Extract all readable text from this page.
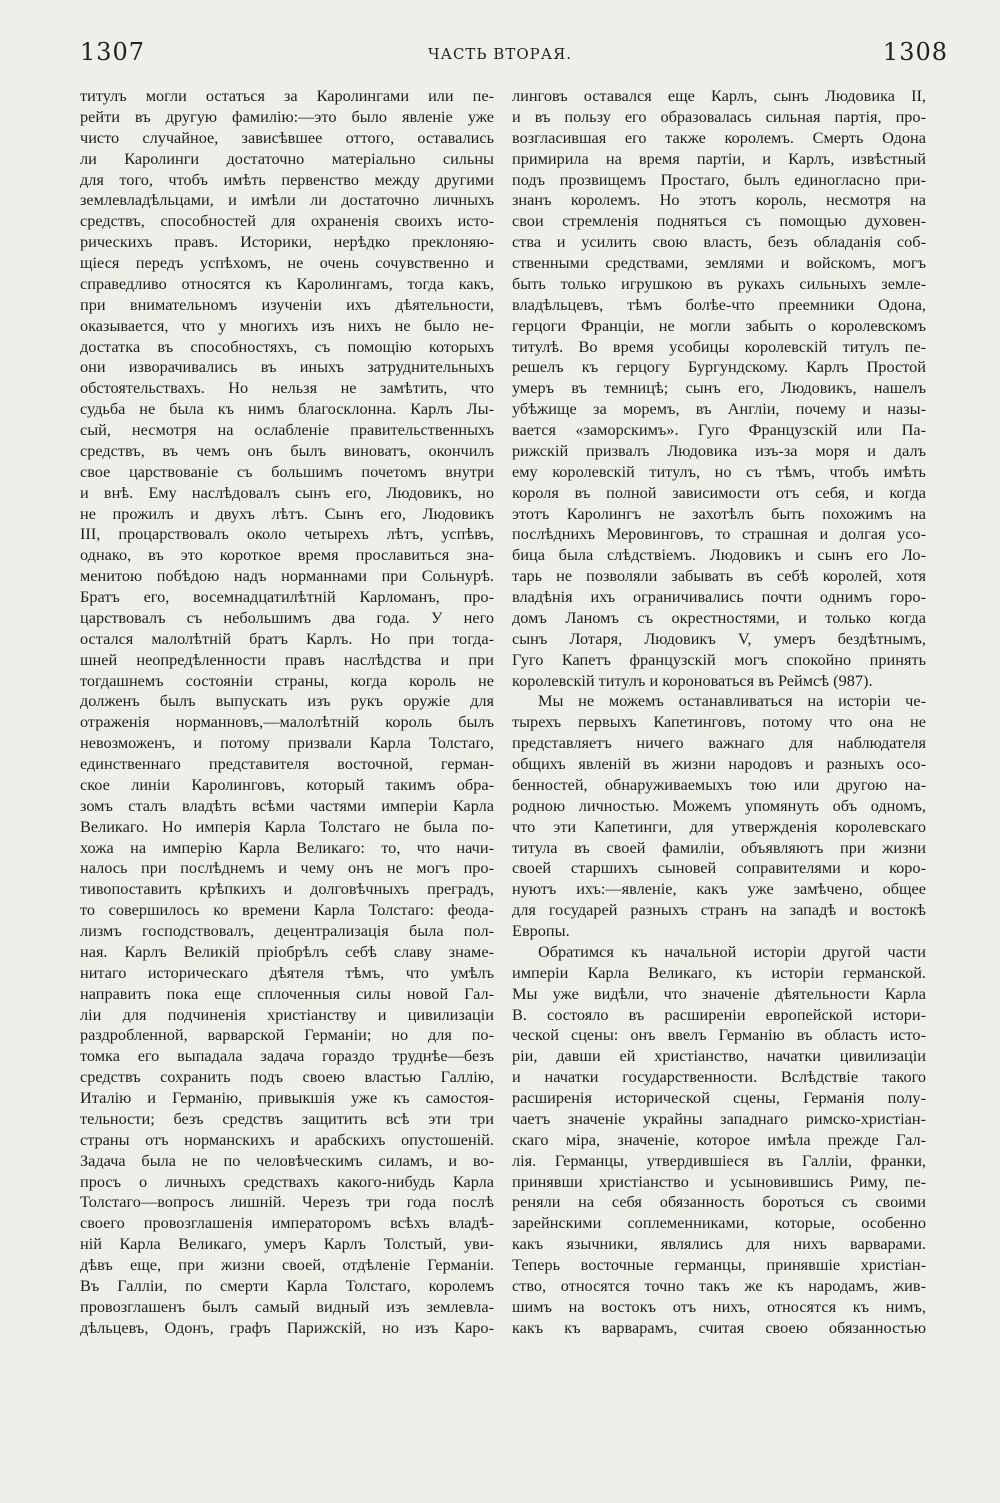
1307	ЧАСТЬ ВТОРАЯ.	1308
титулъ могли остаться за Каролингами или пе-
рейти въ другую фамилію:—это было явленіе уже
чисто случайное, зависѣвшее оттого, оставались
ли Каролинги достаточно матеріально сильны
для того, чтобъ имѣть первенство между другими
землевладѣльцами, и имѣли ли достаточно личныхъ
средствъ, способностей для охраненія своихъ исто-
рическихъ правъ. Историки, нерѣдко преклоняю-
щіеся передъ успѣхомъ, не очень сочувственно и
справедливо относятся къ Каролингамъ, тогда какъ,
при внимательномъ изученіи ихъ дѣятельности,
оказывается, что у многихъ изъ нихъ не было не-
достатка въ способностяхъ, съ помощію которыхъ
они изворачивались въ иныхъ затруднительныхъ
обстоятельствахъ. Но нельзя не замѣтить, что
судьба не была къ нимъ благосклонна. Карлъ Лы-
сый, несмотря на ослабленіе правительственныхъ
средствъ, въ чемъ онъ былъ виноватъ, окончилъ
свое царствованіе съ большимъ почетомъ внутри
и внѣ. Ему наслѣдовалъ сынъ его, Людовикъ, но
не прожилъ и двухъ лѣтъ. Сынъ его, Людовикъ
III, процарствовалъ около четырехъ лѣтъ, успѣвъ,
однако, въ это короткое время прославиться зна-
менитою побѣдою надъ норманнами при Сольнурѣ.
Братъ его, восемнадцатилѣтній Карломанъ, про-
царствовалъ съ небольшимъ два года. У него
остался малолѣтній братъ Карлъ. Но при тогда-
шней неопредѣленности правъ наслѣдства и при
тогдашнемъ состояніи страны, когда король не
долженъ былъ выпускать изъ рукъ оружіе для
отраженія норманновъ,—малолѣтній король былъ
невозможенъ, и потому призвали Карла Толстаго,
единственнаго представителя восточной, герман-
ское линіи Каролинговъ, который такимъ обра-
зомъ сталъ владѣть всѣми частями имперіи Карла
Великаго. Но имперія Карла Толстаго не была по-
хожа на имперію Карла Великаго: то, что начи-
налось при послѣднемъ и чему онъ не могъ про-
тивопоставить крѣпкихъ и долговѣчныхъ преградъ,
то совершилось ко времени Карла Толстаго: феода-
лизмъ господствовалъ, децентрализація была пол-
ная. Карлъ Великій пріобрѣлъ себѣ славу знаме-
нитаго историческаго дѣятеля тѣмъ, что умѣлъ
направить пока еще сплоченныя силы новой Гал-
ліи для подчиненія христіанству и цивилизаціи
раздробленной, варварской Германіи; но для по-
томка его выпадала задача гораздо труднѣе—безъ
средствъ сохранить подъ своею властью Галлію,
Италію и Германію, привыкшія уже къ самостоя-
тельности; безъ средствъ защитить всѣ эти три
страны отъ норманскихъ и арабскихъ опустошеній.
Задача была не по человѣческимъ силамъ, и во-
просъ о личныхъ средствахъ какого-нибудь Карла
Толстаго—вопросъ лишній. Черезъ три года послѣ
своего провозглашенія императоромъ всѣхъ владѣ-
ній Карла Великаго, умеръ Карлъ Толстый, уви-
дѣвъ еще, при жизни своей, отдѣленіе Германіи.
Въ Галліи, по смерти Карла Толстаго, королемъ
провозглашенъ былъ самый видный изъ землевла-
дѣльцевъ, Одонъ, графъ Парижскій, но изъ Каро-
линговъ оставался еще Карлъ, сынъ Людовика II,
и въ пользу его образовалась сильная партія, про-
возгласившая его также королемъ. Смерть Одона
примирила на время партіи, и Карлъ, извѣстный
подъ прозвищемъ Простаго, былъ единогласно при-
знанъ королемъ. Но этотъ король, несмотря на
свои стремленія подняться съ помощью духовен-
ства и усилить свою власть, безъ обладанія соб-
ственными средствами, землями и войскомъ, могъ
быть только игрушкою въ рукахъ сильныхъ земле-
владѣльцевъ, тѣмъ болѣе-что преемники Одона,
герцоги Франціи, не могли забыть о королевскомъ
титулѣ. Во время усобицы королевскій титулъ пе-
решелъ къ герцогу Бургундскому. Карлъ Простой
умеръ въ темницѣ; сынъ его, Людовикъ, нашелъ
убѣжище за моремъ, въ Англіи, почему и назы-
вается «заморскимъ». Гуго Французскій или Па-
рижскій призвалъ Людовика изъ-за моря и далъ
ему королевскій титулъ, но съ тѣмъ, чтобъ имѣть
короля въ полной зависимости отъ себя, и когда
этотъ Каролингъ не захотѣлъ быть похожимъ на
послѣднихъ Меровинговъ, то страшная и долгая усо-
бица была слѣдствіемъ. Людовикъ и сынъ его Ло-
тарь не позволяли забывать въ себѣ королей, хотя
владѣнія ихъ ограничивались почти однимъ горо-
домъ Ланомъ съ окрестностями, и только когда
сынъ Лотаря, Людовикъ V, умеръ бездѣтнымъ,
Гуго Капетъ французскій могъ спокойно принять
королевскій титулъ и короноваться въ Реймсѣ (987).
Мы не можемъ останавливаться на исторіи че-
тырехъ первыхъ Капетинговъ, потому что она не
представляетъ ничего важнаго для наблюдателя
общихъ явленій въ жизни народовъ и разныхъ осо-
бенностей, обнаруживаемыхъ тою или другою на-
родною личностью. Можемъ упомянуть объ одномъ,
что эти Капетинги, для утвержденія королевскаго
титула въ своей фамиліи, объявляютъ при жизни
своей старшихъ сыновей соправителями и коро-
нуютъ ихъ:—явленіе, какъ уже замѣчено, общее
для государей разныхъ странъ на западѣ и востокѣ
Европы.
Обратимся къ начальной исторіи другой части
имперіи Карла Великаго, къ исторіи германской.
Мы уже видѣли, что значеніе дѣятельности Карла
В. состояло въ расширеніи европейской истори-
ческой сцены: онъ ввелъ Германію въ область исто-
ріи, давши ей христіанство, начатки цивилизаціи
и начатки государственности. Вслѣдствіе такого
расширенія исторической сцены, Германія полу-
чаетъ значеніе украйны западнаго римско-христіан-
скаго міра, значеніе, которое имѣла прежде Гал-
лія. Германцы, утвердившіеся въ Галліи, франки,
принявши христіанство и усыновившись Риму, пе-
реняли на себя обязанность бороться съ своими
зарейнскими соплеменниками, которые, особенно
какъ язычники, являлись для нихъ варварами.
Теперь восточные германцы, принявшіе христіан-
ство, относятся точно такъ же къ народамъ, жив-
шимъ на востокъ отъ нихъ, относятся къ нимъ,
какъ къ варварамъ, считая своею обязанностью
